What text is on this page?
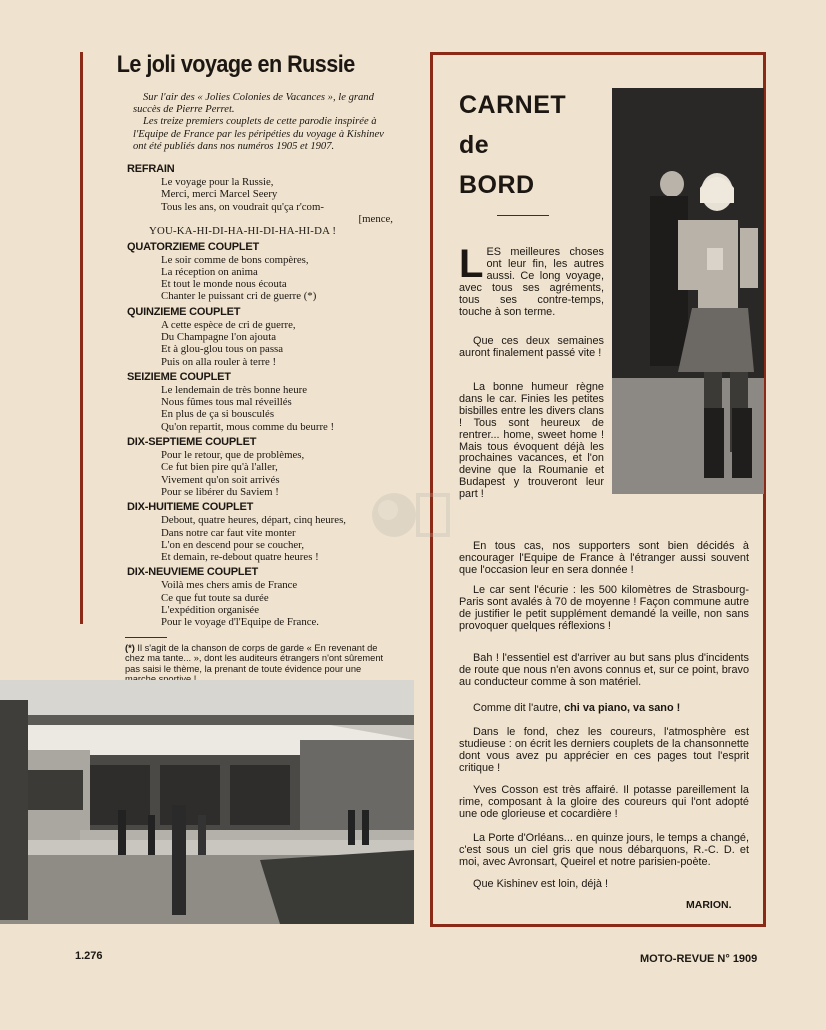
Le joli voyage en Russie

Sur l'air des « Jolies Colonies de Vacances », le grand succès de Pierre Perret.

Les treize premiers couplets de cette parodie inspirée à l'Equipe de France par les péripéties du voyage à Kishinev ont été publiés dans nos numéros 1905 et 1907.

REFRAIN
Le voyage pour la Russie,
Merci, merci Marcel Seery
Tous les ans, on voudrait qu'ça r'com-
[mence,
YOU-KA-HI-DI-HA-HI-DI-HA-HI-DA !
QUATORZIEME COUPLET
Le soir comme de bons compères,
La réception on anima
Et tout le monde nous écouta
Chanter le puissant cri de guerre (*)
QUINZIEME COUPLET
A cette espèce de cri de guerre,
Du Champagne l'on ajouta
Et à glou-glou tous on passa
Puis on alla rouler à terre !
SEIZIEME COUPLET
Le lendemain de très bonne heure
Nous fûmes tous mal réveillés
En plus de ça si bousculés
Qu'on repartit, mous comme du beurre !
DIX-SEPTIEME COUPLET
Pour le retour, que de problèmes,
Ce fut bien pire qu'à l'aller,
Vivement qu'on soit arrivés
Pour se libérer du Saviem !
DIX-HUITIEME COUPLET
Debout, quatre heures, départ, cinq heures,
Dans notre car faut vite monter
L'on en descend pour se coucher,
Et demain, re-debout quatre heures !
DIX-NEUVIEME COUPLET
Voilà mes chers amis de France
Ce que fut toute sa durée
L'expédition organisée
Pour le voyage d'l'Equipe de France.
(*) Il s'agit de la chanson de corps de garde « En revenant de chez ma tante... », dont les auditeurs étrangers n'ont sûrement pas saisi le thème, la prenant de toute évidence pour une
CARNET
de
BORD
LES meilleures choses ont leur fin, les autres aussi. Ce long voyage, avec tous ses agréments, tous ses contre-temps, touche à son terme.

Que ces deux semaines auront finalement passé vite !

La bonne humeur règne dans le car. Finies les petites bisbilles entre les divers clans ! Tous sont heureux de rentrer... home, sweet home ! Mais tous évoquent déjà les prochaines vacances, et l'on devine que la Roumanie et Budapest y trouveront leur part !

En tous cas, nos supporters sont bien décidés à encourager l'Equipe de France à l'étranger aussi souvent que l'occasion leur en sera donnée !

Le car sent l'écurie : les 500 kilomètres de Strasbourg-Paris sont avalés à 70 de moyenne ! Façon commune autre de justifier le petit supplément demandé la veille, non sans provoquer quelques réflexions !

Bah ! l'essentiel est d'arriver au but sans plus d'incidents de route que nous n'en avons connus et, sur ce point, bravo au conducteur comme à son matériel.

Comme dit l'autre, chi va piano, va sano !

Dans le fond, chez les coureurs, l'atmosphère est studieuse : on écrit les derniers couplets de la chansonnette dont vous avez pu apprécier en ces pages tout l'esprit critique !

Yves Cosson est très affairé. Il potasse pareillement la rime, composant à la gloire des coureurs qui l'ont adopté une ode glorieuse et cocardière !

La Porte d'Orléans... en quinze jours, le temps a changé, c'est sous un ciel gris que nous débarquons, R.-C. D. et moi, avec Avronsart, Queirel et notre parisien-poète.

Que Kishinev est loin, déjà !

MARION.
1.276	MOTO-REVUE N° 1909
